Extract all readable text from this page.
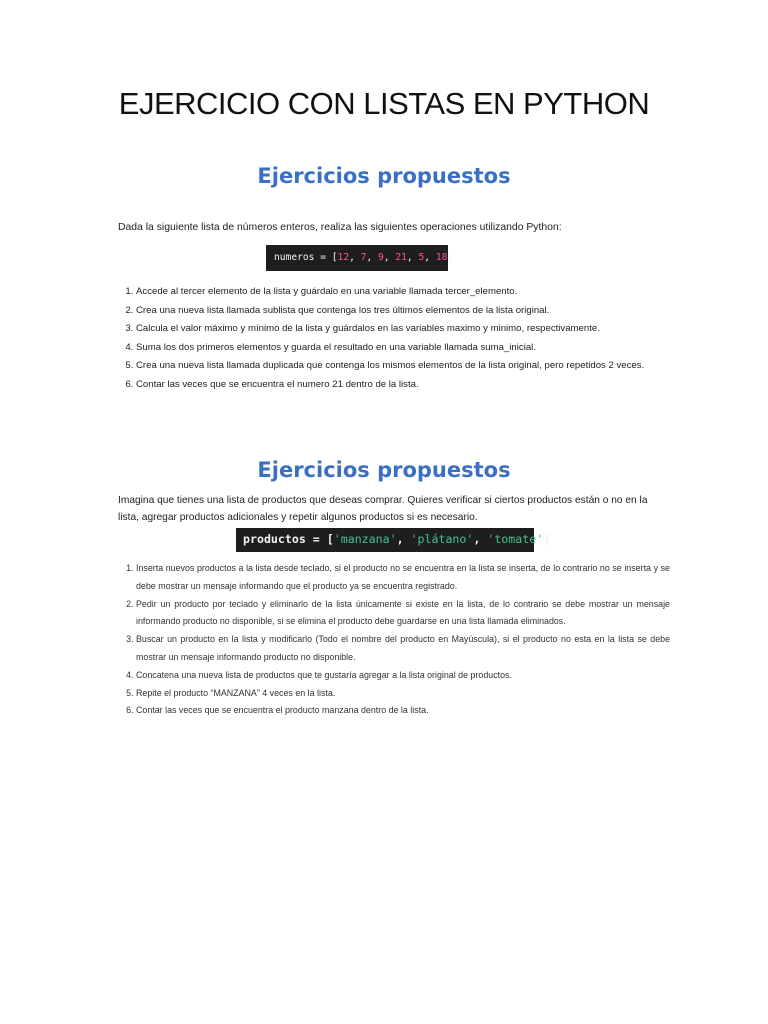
EJERCICIO CON LISTAS EN PYTHON
Ejercicios propuestos
Dada la siguiente lista de números enteros, realiza las siguientes operaciones utilizando Python:
numeros = [12, 7, 9, 21, 5, 18]
1. Accede al tercer elemento de la lista y guárdalo en una variable llamada tercer_elemento.
2. Crea una nueva lista llamada sublista que contenga los tres últimos elementos de la lista original.
3. Calcula el valor máximo y mínimo de la lista y guárdalos en las variables maximo y minimo, respectivamente.
4. Suma los dos primeros elementos y guarda el resultado en una variable llamada suma_inicial.
5. Crea una nueva lista llamada duplicada que contenga los mismos elementos de la lista original, pero repetidos 2 veces.
6. Contar las veces que se encuentra el numero 21 dentro de la lista.
Ejercicios propuestos
Imagina que tienes una lista de productos que deseas comprar. Quieres verificar si ciertos productos están o no en la lista, agregar productos adicionales y repetir algunos productos si es necesario.
productos = ['manzana', 'plátano', 'tomate']
1. Inserta nuevos productos a la lista desde teclado, si el producto no se encuentra en la lista se inserta, de lo contrario no se inserta y se debe mostrar un mensaje informando que el producto ya se encuentra registrado.
2. Pedir un producto por teclado y eliminarlo de la lista únicamente si existe en la lista, de lo contrario se debe mostrar un mensaje informando producto no disponible, si se elimina el producto debe guardarse en una lista llamada eliminados.
3. Buscar un producto en la lista y modificarlo (Todo el nombre del producto en Mayúscula), si el producto no esta en la lista se debe mostrar un mensaje informando producto no disponible.
4. Concatena una nueva lista de productos que te gustaría agregar a la lista original de productos.
5. Repite el producto “MANZANA” 4 veces en la lista.
6. Contar las veces que se encuentra el producto manzana dentro de la lista.
